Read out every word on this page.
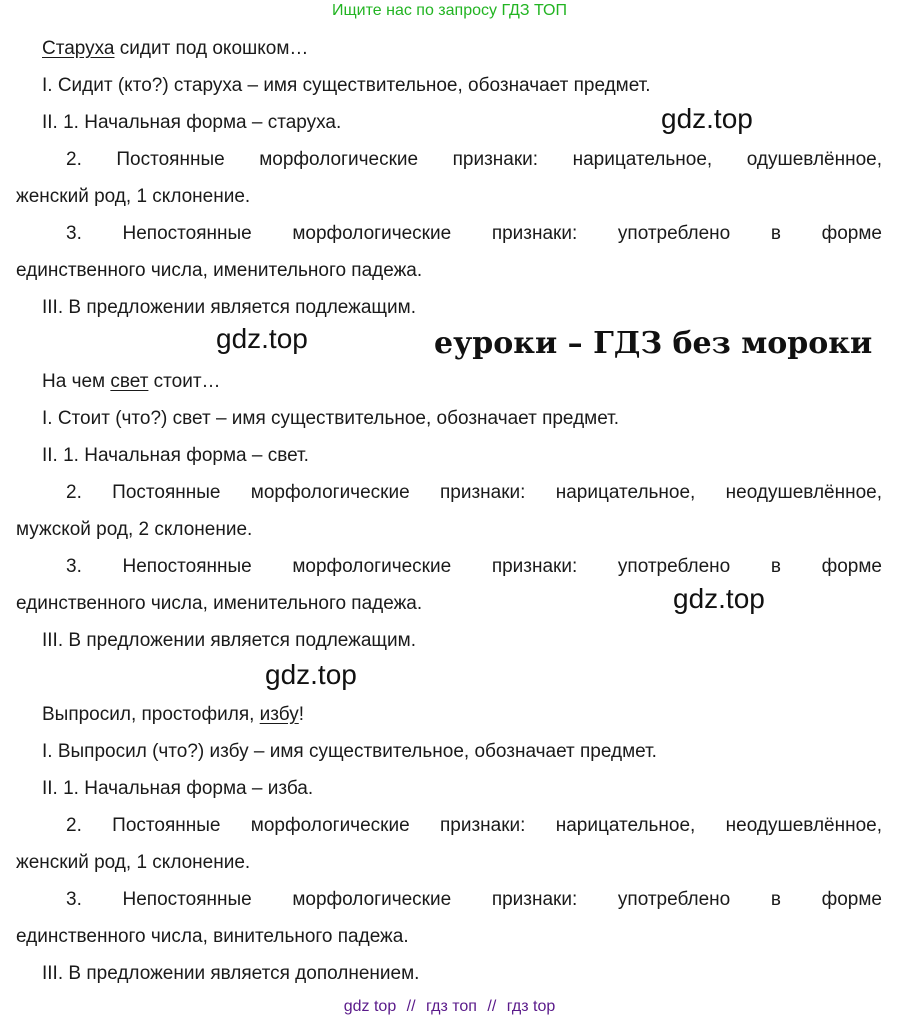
Ищите нас по запросу ГДЗ ТОП
Старуха сидит под окошком…
I. Сидит (кто?) старуха – имя существительное, обозначает предмет.
II. 1. Начальная форма – старуха.
2. Постоянные морфологические признаки: нарицательное, одушевлённое,
женский род, 1 склонение.
3. Непостоянные морфологические признаки: употреблено в форме
единственного числа, именительного падежа.
III. В предложении является подлежащим.
gdz.top
gdz.top	еуроки – ГДЗ без мороки
На чем свет стоит…
I. Стоит (что?) свет – имя существительное, обозначает предмет.
II. 1. Начальная форма – свет.
2. Постоянные морфологические признаки: нарицательное, неодушевлённое,
мужской род, 2 склонение.
3. Непостоянные морфологические признаки: употреблено в форме
единственного числа, именительного падежа.
III. В предложении является подлежащим.
gdz.top
gdz.top
Выпросил, простофиля, избу!
I. Выпросил (что?) избу – имя существительное, обозначает предмет.
II. 1. Начальная форма – изба.
2. Постоянные морфологические признаки: нарицательное, неодушевлённое,
женский род, 1 склонение.
3. Непостоянные морфологические признаки: употреблено в форме
единственного числа, винительного падежа.
III. В предложении является дополнением.
gdz top // гдз топ // гдз top
